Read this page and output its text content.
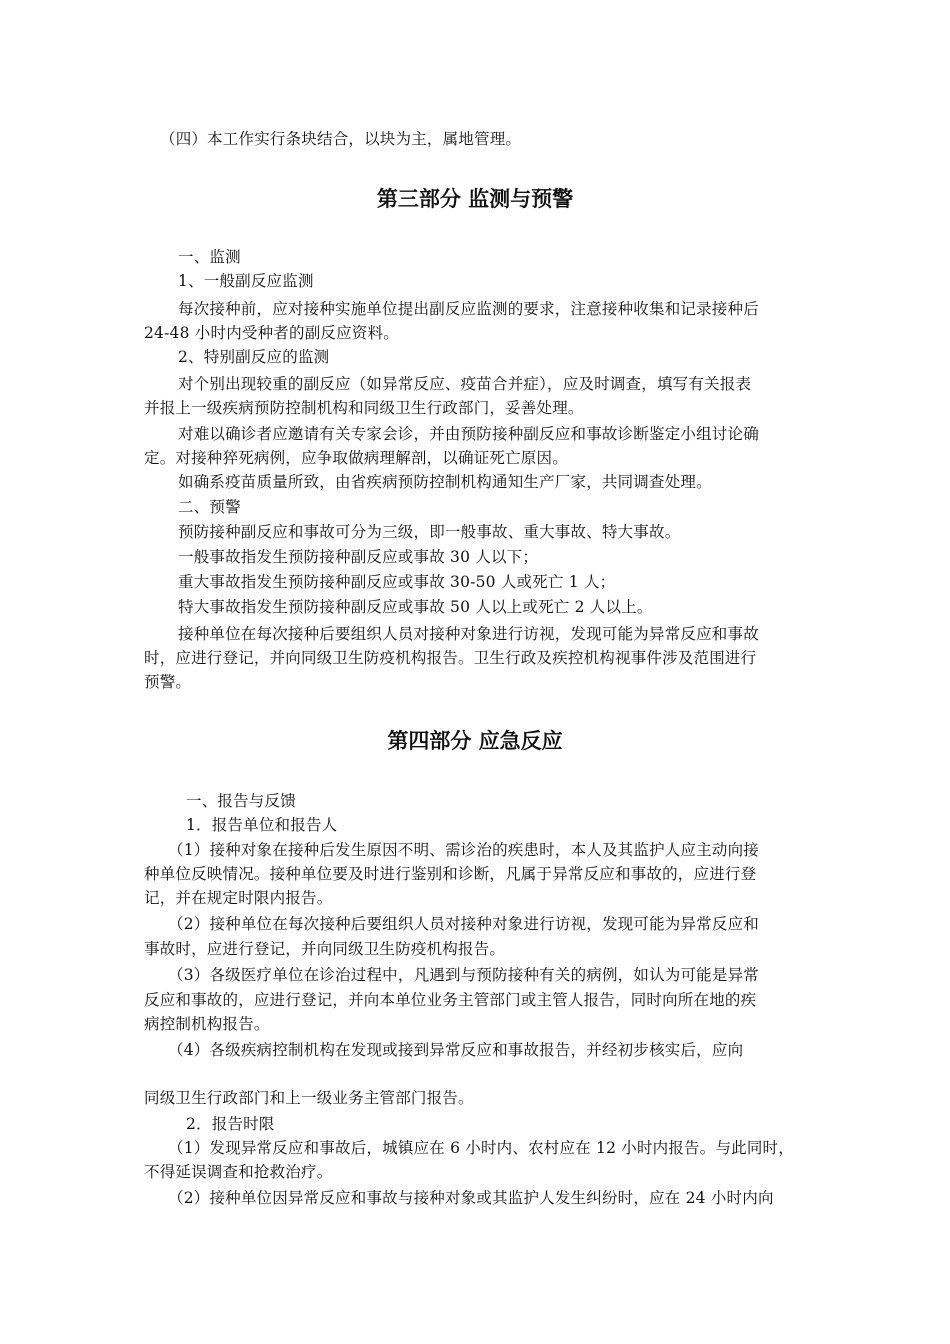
（四）本工作实行条块结合，以块为主，属地管理。
第三部分 监测与预警
一、监测
1、一般副反应监测
每次接种前，应对接种实施单位提出副反应监测的要求，注意接种收集和记录接种后
24-48 小时内受种者的副反应资料。
2、特别副反应的监测
对个别出现较重的副反应（如异常反应、疫苗合并症），应及时调查，填写有关报表
并报上一级疾病预防控制机构和同级卫生行政部门，妥善处理。
对难以确诊者应邀请有关专家会诊，并由预防接种副反应和事故诊断鉴定小组讨论确
定。对接种猝死病例，应争取做病理解剖，以确证死亡原因。
如确系疫苗质量所致，由省疾病预防控制机构通知生产厂家，共同调查处理。
二、预警
预防接种副反应和事故可分为三级，即一般事故、重大事故、特大事故。
一般事故指发生预防接种副反应或事故 30 人以下；
重大事故指发生预防接种副反应或事故 30-50 人或死亡 1 人；
特大事故指发生预防接种副反应或事故 50 人以上或死亡 2 人以上。
接种单位在每次接种后要组织人员对接种对象进行访视，发现可能为异常反应和事故
时，应进行登记，并向同级卫生防疫机构报告。卫生行政及疾控机构视事件涉及范围进行
预警。
第四部分 应急反应
一、报告与反馈
1．报告单位和报告人
（1）接种对象在接种后发生原因不明、需诊治的疾患时，本人及其监护人应主动向接
种单位反映情况。接种单位要及时进行鉴别和诊断，凡属于异常反应和事故的，应进行登
记，并在规定时限内报告。
（2）接种单位在每次接种后要组织人员对接种对象进行访视，发现可能为异常反应和
事故时，应进行登记，并向同级卫生防疫机构报告。
（3）各级医疗单位在诊治过程中，凡遇到与预防接种有关的病例，如认为可能是异常
反应和事故的，应进行登记，并向本单位业务主管部门或主管人报告，同时向所在地的疾
病控制机构报告。
（4）各级疾病控制机构在发现或接到异常反应和事故报告，并经初步核实后，应向
同级卫生行政部门和上一级业务主管部门报告。
2．报告时限
（1）发现异常反应和事故后，城镇应在 6 小时内、农村应在 12 小时内报告。与此同时，
不得延误调查和抢救治疗。
（2）接种单位因异常反应和事故与接种对象或其监护人发生纠纷时，应在 24 小时内向
